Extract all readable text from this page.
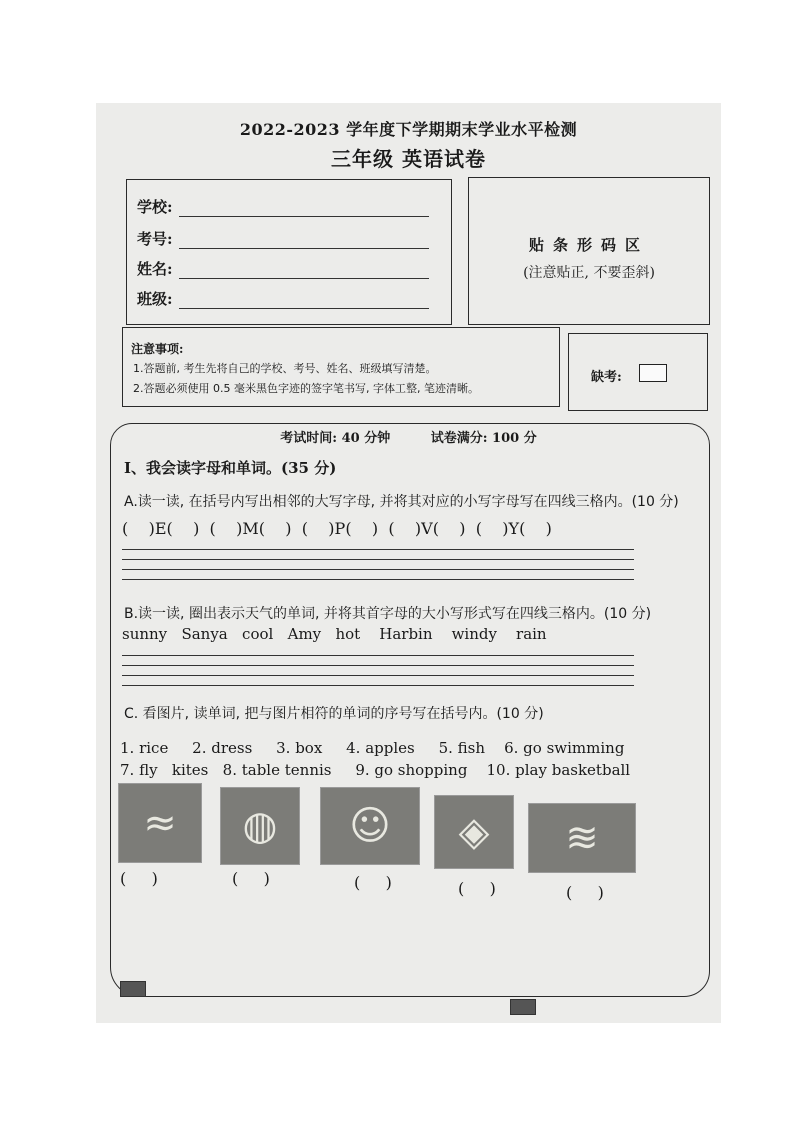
2022-2023 学年度下学期期末学业水平检测
三年级 英语试卷
学校:
考号:
姓名:
班级:
贴条形码区
(注意贴正, 不要歪斜)
注意事项:
1.答题前, 考生先将自己的学校、考号、姓名、班级填写清楚。
2.答题必须使用 0.5 毫米黑色字迹的签字笔书写, 字体工整, 笔迹清晰。
缺考:
考试时间: 40 分钟	试卷满分: 100 分
I、我会读字母和单词。(35 分)
A.读一读, 在括号内写出相邻的大写字母, 并将其对应的小写字母写在四线三格内。(10 分)
(    )E(    )  (    )M(    )  (    )P(    )  (    )V(    )  (    )Y(    )
B.读一读, 圈出表示天气的单词, 并将其首字母的大小写形式写在四线三格内。(10 分)
sunny   Sanya   cool   Amy   hot    Harbin    windy    rain
C. 看图片, 读单词, 把与图片相符的单词的序号写在括号内。(10 分)
1. rice     2. dress     3. box     4. apples     5. fish    6. go swimming
7. fly   kites   8. table tennis     9. go shopping    10. play basketball
≈ ◍ ☺ ◈ ≋
(     )	(     )	(     )	(     )	(     )
